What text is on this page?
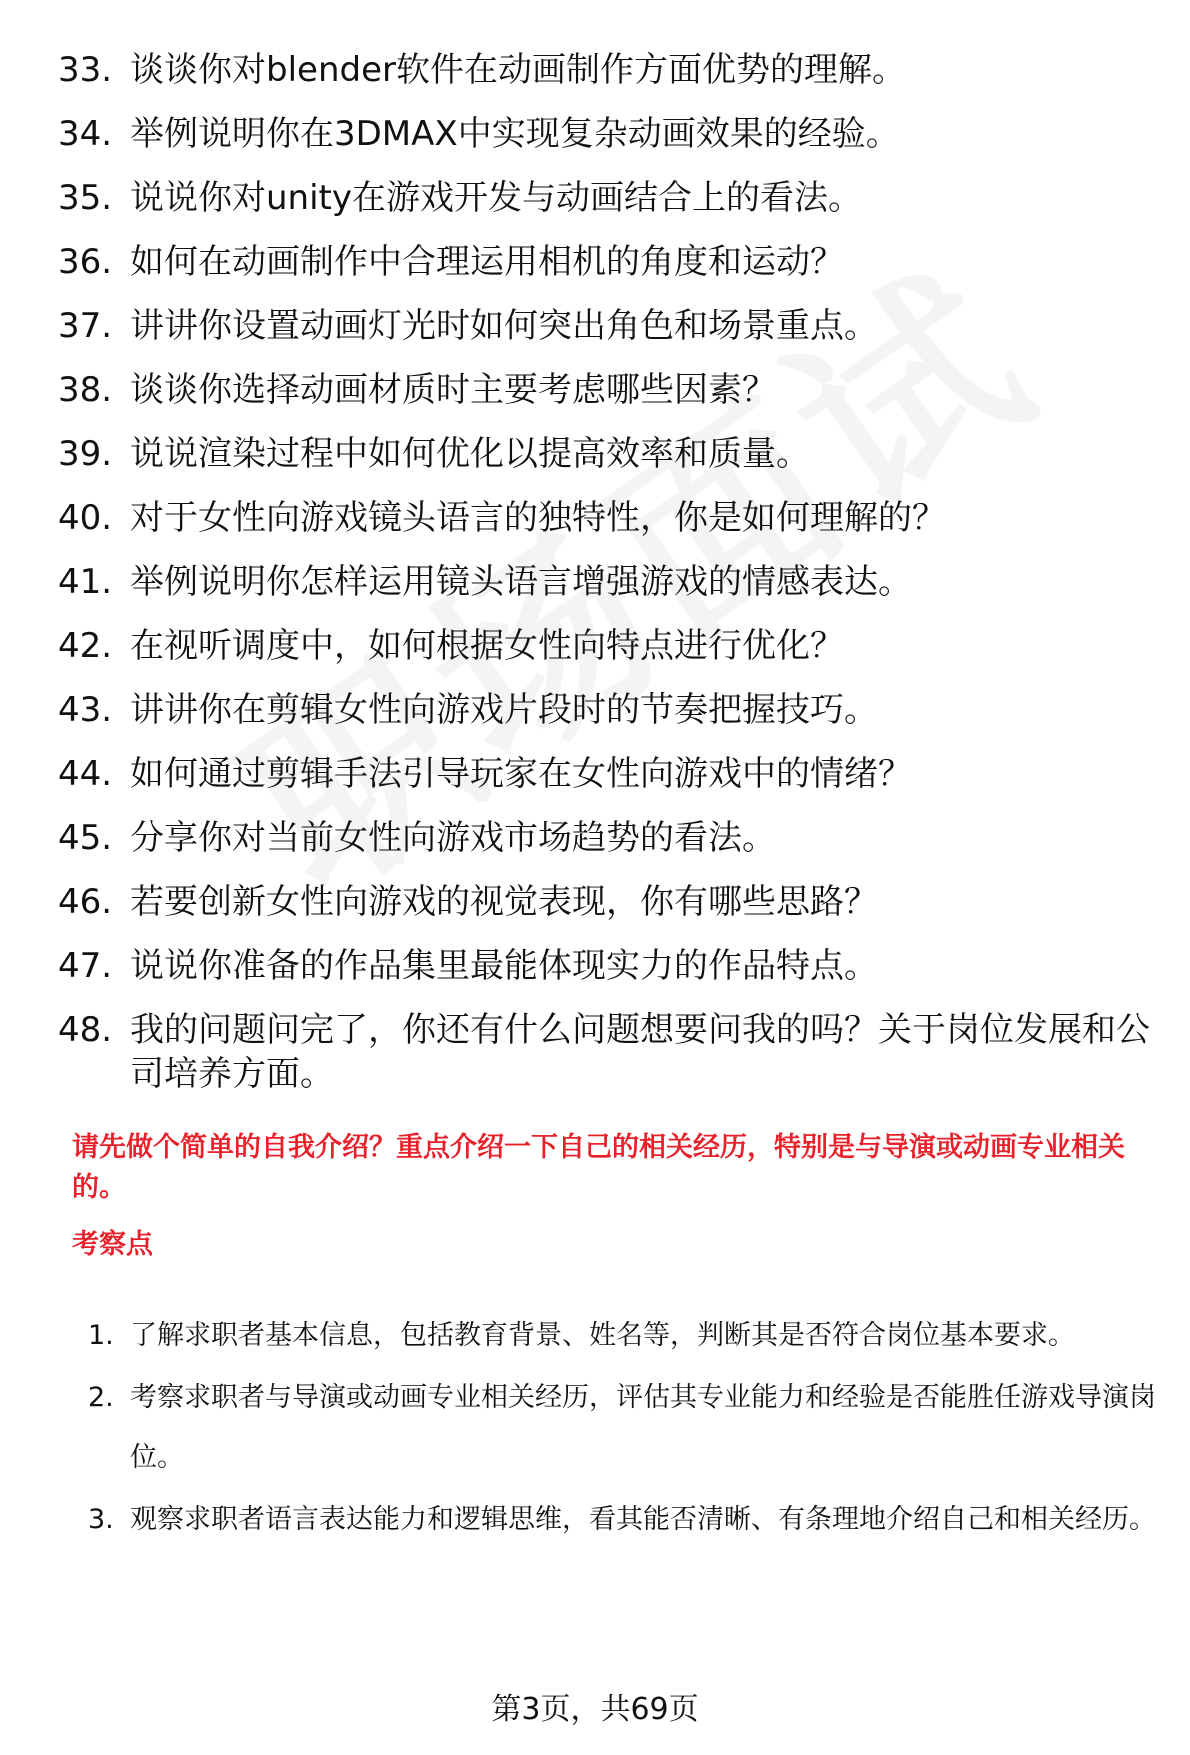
33. 谈谈你对blender软件在动画制作方面优势的理解。
34. 举例说明你在3DMAX中实现复杂动画效果的经验。
35. 说说你对unity在游戏开发与动画结合上的看法。
36. 如何在动画制作中合理运用相机的角度和运动？
37. 讲讲你设置动画灯光时如何突出角色和场景重点。
38. 谈谈你选择动画材质时主要考虑哪些因素？
39. 说说渲染过程中如何优化以提高效率和质量。
40. 对于女性向游戏镜头语言的独特性，你是如何理解的？
41. 举例说明你怎样运用镜头语言增强游戏的情感表达。
42. 在视听调度中，如何根据女性向特点进行优化？
43. 讲讲你在剪辑女性向游戏片段时的节奏把握技巧。
44. 如何通过剪辑手法引导玩家在女性向游戏中的情绪？
45. 分享你对当前女性向游戏市场趋势的看法。
46. 若要创新女性向游戏的视觉表现，你有哪些思路？
47. 说说你准备的作品集里最能体现实力的作品特点。
48. 我的问题问完了，你还有什么问题想要问我的吗？关于岗位发展和公司培养方面。
请先做个简单的自我介绍？重点介绍一下自己的相关经历，特别是与导演或动画专业相关的。
考察点
1. 了解求职者基本信息，包括教育背景、姓名等，判断其是否符合岗位基本要求。
2. 考察求职者与导演或动画专业相关经历，评估其专业能力和经验是否能胜任游戏导演岗位。
3. 观察求职者语言表达能力和逻辑思维，看其能否清晰、有条理地介绍自己和相关经历。
第3页，共69页
